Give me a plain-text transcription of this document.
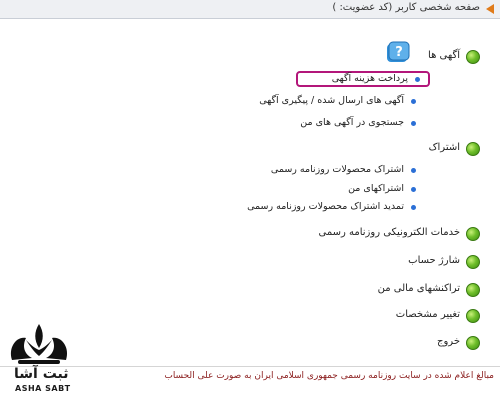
صفحه شخصی کاربر (کد عضویت: )
?	آگهی ها
پرداخت هزینه آگهی
آگهی های ارسال شده / پیگیری آگهی
جستجوی در آگهی های من
اشتراک
اشتراک محصولات روزنامه رسمی
اشتراکهای من
تمدید اشتراک محصولات روزنامه رسمی
خدمات الکترونیکی روزنامه رسمی
شارژ حساب
تراکنشهای مالی من
تغییر مشخصات
خروج
مبالغ اعلام شده در سایت روزنامه رسمی جمهوری اسلامی ایران به صورت علی الحساب
ثبت آشا
ASHA SABT
